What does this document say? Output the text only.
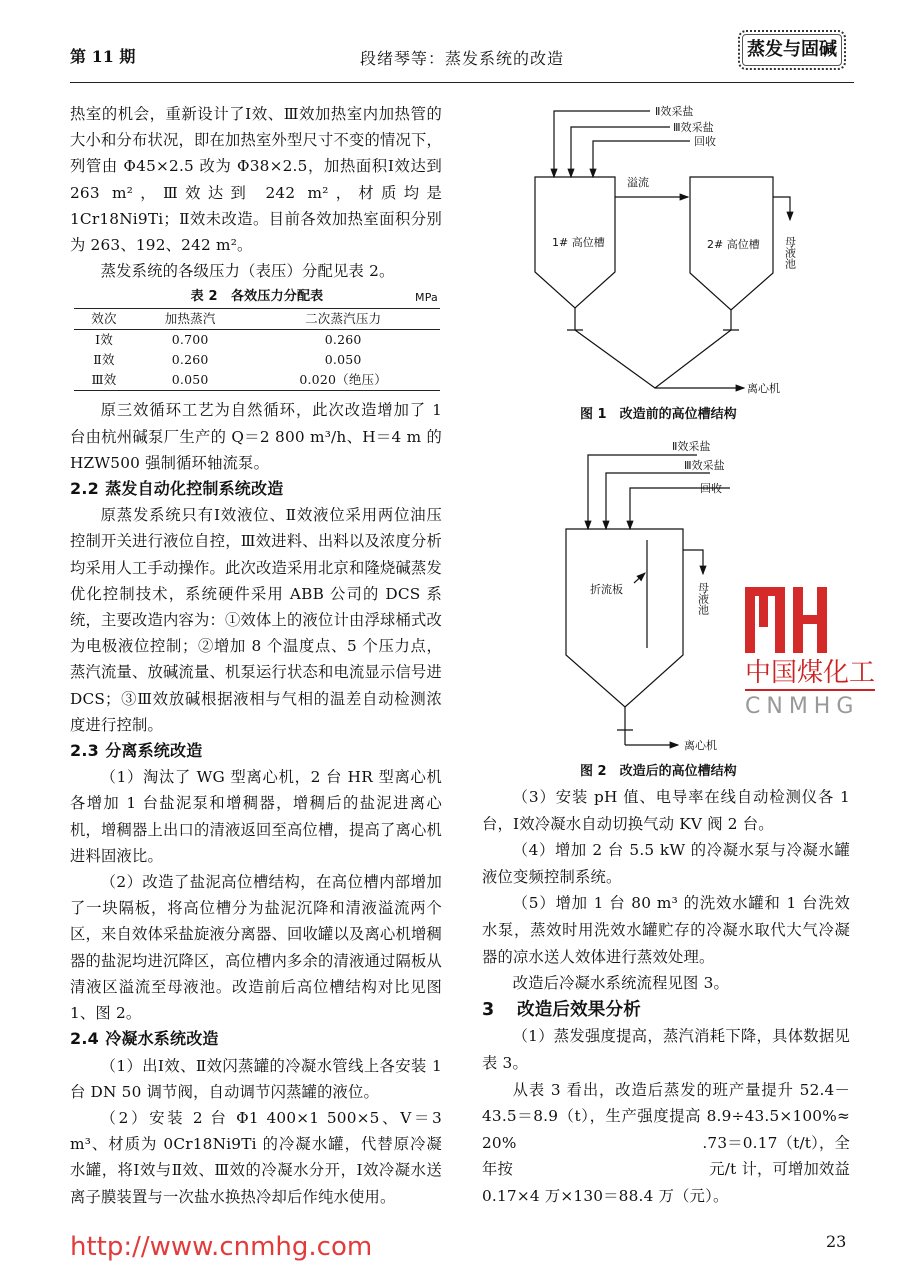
第 11 期	段绪琴等：蒸发系统的改造	蒸发与固碱

热室的机会，重新设计了Ⅰ效、Ⅲ效加热室内加热管的大小和分布状况，即在加热室外型尺寸不变的情况下，列管由 Φ45×2.5 改为 Φ38×2.5，加热面积Ⅰ效达到 263 m²，Ⅲ效达到 242 m²，材质均是 1Cr18Ni9Ti；Ⅱ效未改造。目前各效加热室面积分别为 263、192、242 m²。

蒸发系统的各级压力（表压）分配见表 2。

表 2　各效压力分配表	MPa
效次	加热蒸汽	二次蒸汽压力
Ⅰ效	0.700	0.260
Ⅱ效	0.260	0.050
Ⅲ效	0.050	0.020（绝压）

原三效循环工艺为自然循环，此次改造增加了 1 台由杭州碱泵厂生产的 Q＝2 800 m³/h、H＝4 m 的 HZW500 强制循环轴流泵。

2.2 蒸发自动化控制系统改造

原蒸发系统只有Ⅰ效液位、Ⅱ效液位采用两位油压控制开关进行液位自控，Ⅲ效进料、出料以及浓度分析均采用人工手动操作。此次改造采用北京和隆烧碱蒸发优化控制技术，系统硬件采用 ABB 公司的 DCS 系统，主要改造内容为：①效体上的液位计由浮球桶式改为电极液位控制；②增加 8 个温度点、5 个压力点，蒸汽流量、放碱流量、机泵运行状态和电流显示信号进 DCS；③Ⅲ效放碱根据液相与气相的温差自动检测浓度进行控制。

2.3 分离系统改造

（1）淘汰了 WG 型离心机，2 台 HR 型离心机各增加 1 台盐泥泵和增稠器，增稠后的盐泥进离心机，增稠器上出口的清液返回至高位槽，提高了离心机进料固液比。

（2）改造了盐泥高位槽结构，在高位槽内部增加了一块隔板，将高位槽分为盐泥沉降和清液溢流两个区，来自效体采盐旋液分离器、回收罐以及离心机增稠器的盐泥均进沉降区，高位槽内多余的清液通过隔板从清液区溢流至母液池。改造前后高位槽结构对比见图 1、图 2。

2.4 冷凝水系统改造

（1）出Ⅰ效、Ⅱ效闪蒸罐的冷凝水管线上各安装 1 台 DN 50 调节阀，自动调节闪蒸罐的液位。

（2）安装 2 台 Φ1 400×1 500×5、V＝3 m³、材质为 0Cr18Ni9Ti 的冷凝水罐，代替原冷凝水罐，将Ⅰ效与Ⅱ效、Ⅲ效的冷凝水分开，Ⅰ效冷凝水送离子膜装置与一次盐水换热冷却后作纯水使用。

Ⅱ效采盐
Ⅲ效采盐
回收
溢流
1# 高位槽	2# 高位槽 母液池
离心机
图 1　改造前的高位槽结构
Ⅱ效采盐
Ⅲ效采盐
回收
折流板	母液池
离心机
图 2　改造后的高位槽结构
中国煤化工
CNMHG

（3）安装 pH 值、电导率在线自动检测仪各 1 台，Ⅰ效冷凝水自动切换气动 KV 阀 2 台。

（4）增加 2 台 5.5 kW 的冷凝水泵与冷凝水罐液位变频控制系统。

（5）增加 1 台 80 m³ 的洗效水罐和 1 台洗效水泵，蒸效时用洗效水罐贮存的冷凝水取代大气冷凝器的凉水送人效体进行蒸效处理。

改造后冷凝水系统流程见图 3。

3 改造后效果分析

（1）蒸发强度提高，蒸汽消耗下降，具体数据见表 3。

从表 3 看出，改造后蒸发的班产量提升 52.4－
43.5＝8.9（t），生产强度提高 8.9÷43.5×100%≈
20%	.73＝0.17（t/t），全
年按	元/t 计，可增加效益
0.17×4 万×130＝88.4 万（元）。
http://www.cnmhg.com	23
